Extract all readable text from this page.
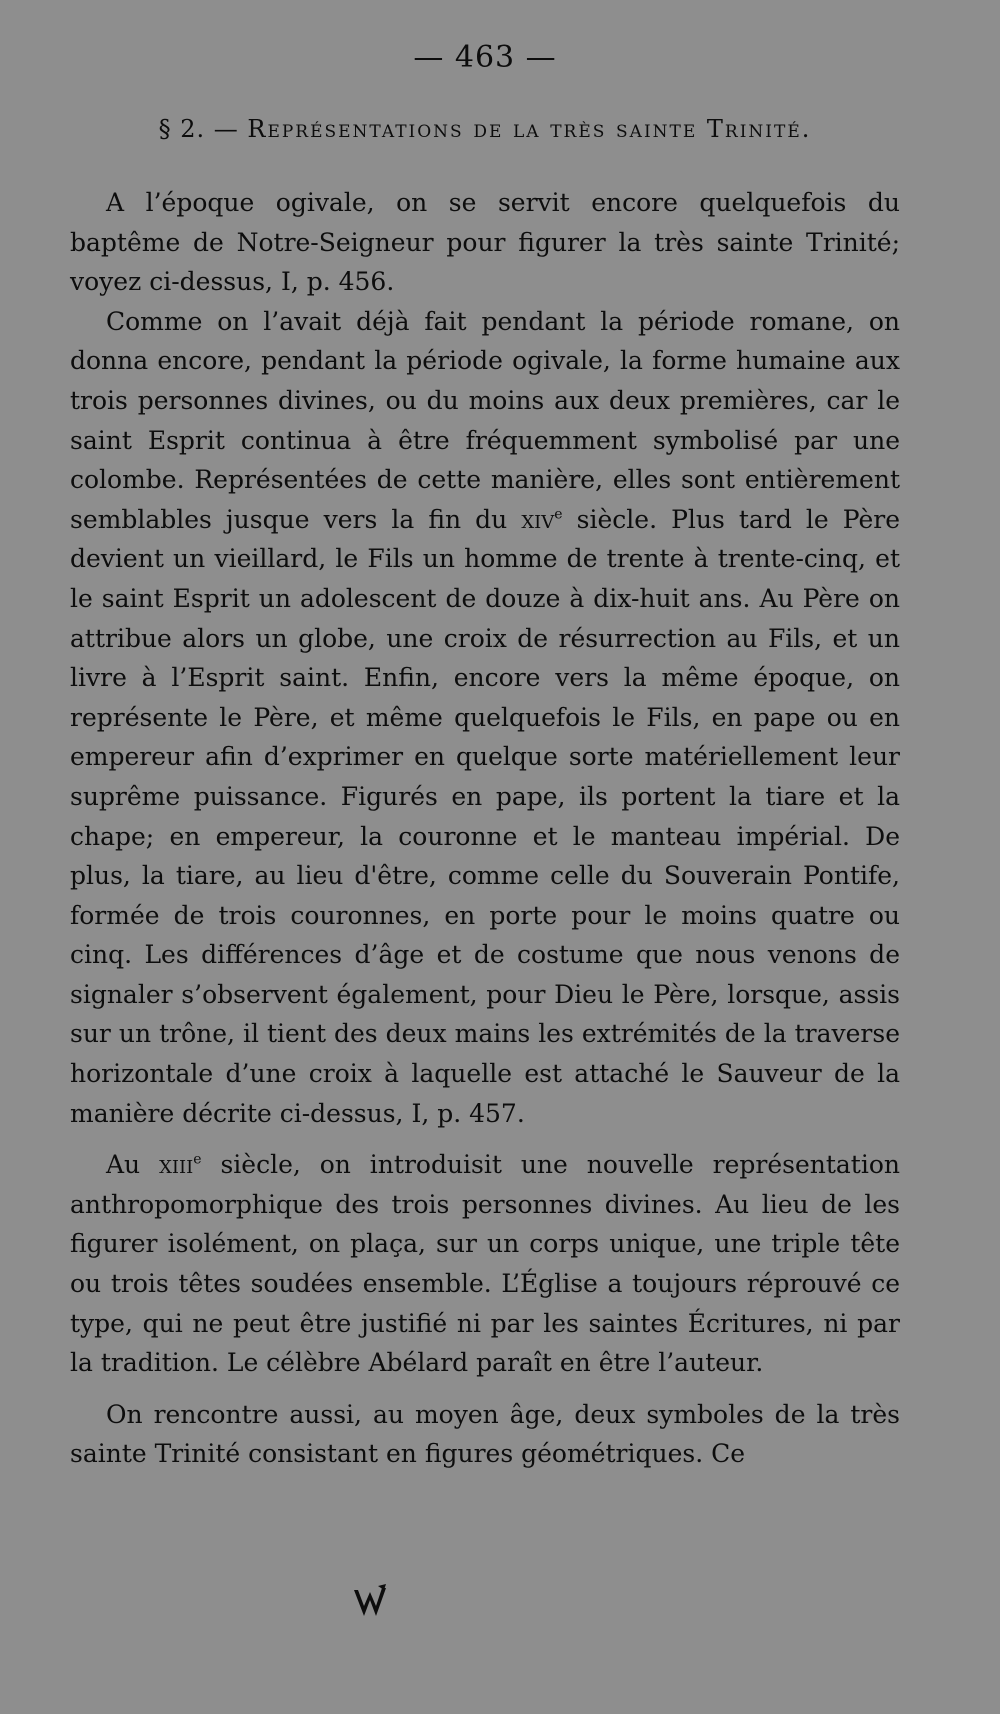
— 463 —
§ 2. — Représentations de la très sainte Trinité.

A l’époque ogivale, on se servit encore quelquefois du baptême de Notre-Seigneur pour figurer la très sainte Trinité; voyez ci-dessus, I, p. 456.

Comme on l’avait déjà fait pendant la période romane, on donna encore, pendant la période ogivale, la forme humaine aux trois personnes divines, ou du moins aux deux premières, car le saint Esprit continua à être fréquemment symbolisé par une colombe. Représentées de cette manière, elles sont entièrement semblables jusque vers la fin du xiv$^e$ siècle. Plus tard le Père devient un vieillard, le Fils un homme de trente à trente-cinq, et le saint Esprit un adolescent de douze à dix-huit ans. Au Père on attribue alors un globe, une croix de résurrection au Fils, et un livre à l’Esprit saint. Enfin, encore vers la même époque, on représente le Père, et même quelquefois le Fils, en pape ou en empereur afin d’exprimer en quelque sorte matériellement leur suprême puissance. Figurés en pape, ils portent la tiare et la chape; en empereur, la couronne et le manteau impérial. De plus, la tiare, au lieu d'être, comme celle du Souverain Pontife, formée de trois couronnes, en porte pour le moins quatre ou cinq. Les différences d’âge et de costume que nous venons de signaler s’observent également, pour Dieu le Père, lorsque, assis sur un trône, il tient des deux mains les extrémités de la traverse horizontale d’une croix à laquelle est attaché le Sauveur de la manière décrite ci-dessus, I, p. 457.

Au xiii$^e$ siècle, on introduisit une nouvelle représentation anthropomorphique des trois personnes divines. Au lieu de les figurer isolément, on plaça, sur un corps unique, une triple tête ou trois têtes soudées ensemble. L’Église a toujours réprouvé ce type, qui ne peut être justifié ni par les saintes Écritures, ni par la tradition. Le célèbre Abélard paraît en être l’auteur.

On rencontre aussi, au moyen âge, deux symboles de la très sainte Trinité consistant en figures géométriques. Ce
